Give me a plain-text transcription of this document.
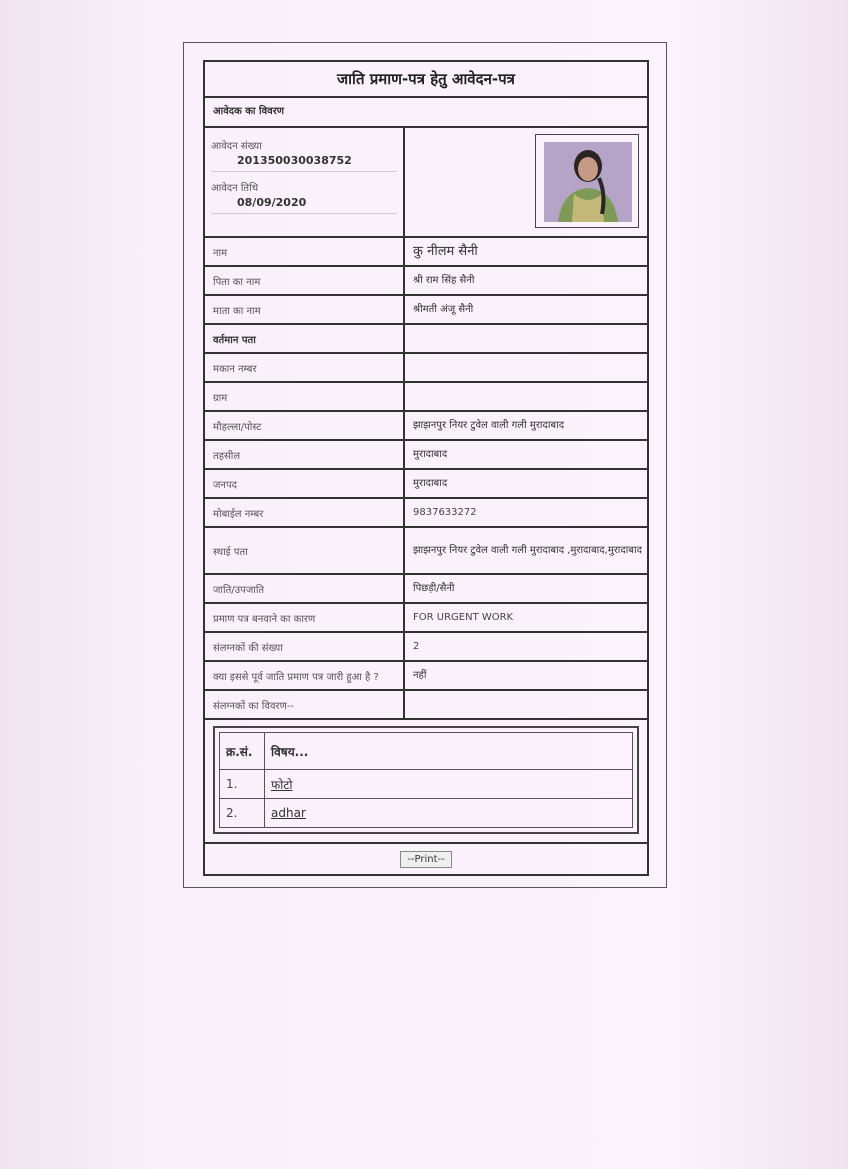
जाति प्रमाण-पत्र हेतु आवेदन-पत्र
आवेदक का विवरण
आवेदन संख्या
201350030038752
आवेदन तिथि
08/09/2020
नाम	कु नीलम सैनी
पिता का नाम	श्री राम सिंह सैनी
माता का नाम	श्रीमती अंजू सैनी
वर्तमान पता
मकान नम्बर
ग्राम
मौहल्ला/पोस्ट	झाझनपुर नियर टुवेल वाली गली मुरादाबाद
तहसील	मुरादाबाद
जनपद	मुरादाबाद
मोबाईल नम्बर	9837633272
स्थाई पता	झाझनपुर नियर टुवेल वाली गली मुरादाबाद ,मुरादाबाद,मुरादाबाद
जाति/उपजाति	पिछड़ी/सैनी
प्रमाण पत्र बनवाने का कारण	FOR URGENT WORK
संलग्नकों की संख्या	2
क्या इससे पूर्व जाति प्रमाण पत्र जारी हुआ है ?	नहीं
संलग्नकों का विवरण--
क्र.सं.	विषय...
1.	फोटो
2.	adhar
--Print--
